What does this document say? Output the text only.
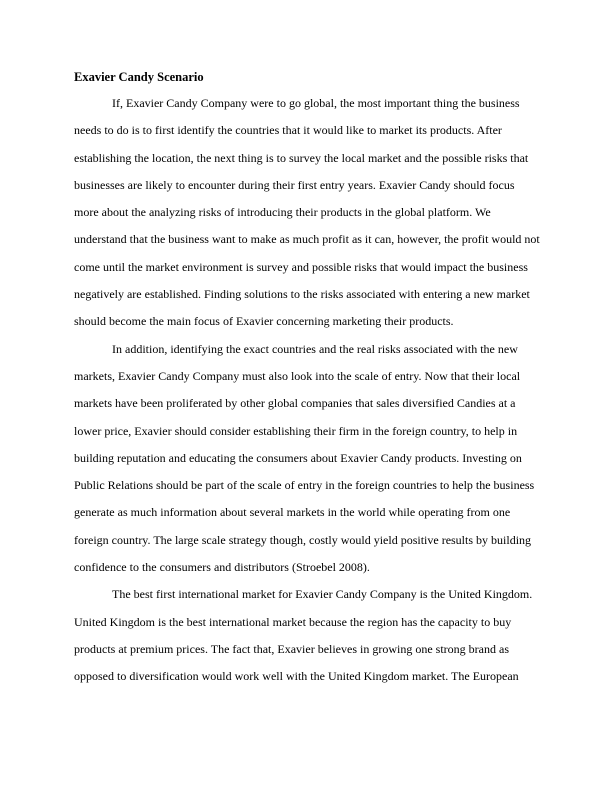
Exavier Candy Scenario
If, Exavier Candy Company were to go global, the most important thing the business
needs to do is to first identify the countries that it would like to market its products. After
establishing the location, the next thing is to survey the local market and the possible risks that
businesses are likely to encounter during their first entry years. Exavier Candy should focus
more about the analyzing risks of introducing their products in the global platform. We
understand that the business want to make as much profit as it can, however, the profit would not
come until the market environment is survey and possible risks that would impact the business
negatively are established. Finding solutions to the risks associated with entering a new market
should become the main focus of Exavier concerning marketing their products.
In addition, identifying the exact countries and the real risks associated with the new
markets, Exavier Candy Company must also look into the scale of entry. Now that their local
markets have been proliferated by other global companies that sales diversified Candies at a
lower price, Exavier should consider establishing their firm in the foreign country, to help in
building reputation and educating the consumers about Exavier Candy products. Investing on
Public Relations should be part of the scale of entry in the foreign countries to help the business
generate as much information about several markets in the world while operating from one
foreign country. The large scale strategy though, costly would yield positive results by building
confidence to the consumers and distributors (Stroebel 2008).
The best first international market for Exavier Candy Company is the United Kingdom.
United Kingdom is the best international market because the region has the capacity to buy
products at premium prices. The fact that, Exavier believes in growing one strong brand as
opposed to diversification would work well with the United Kingdom market. The European
